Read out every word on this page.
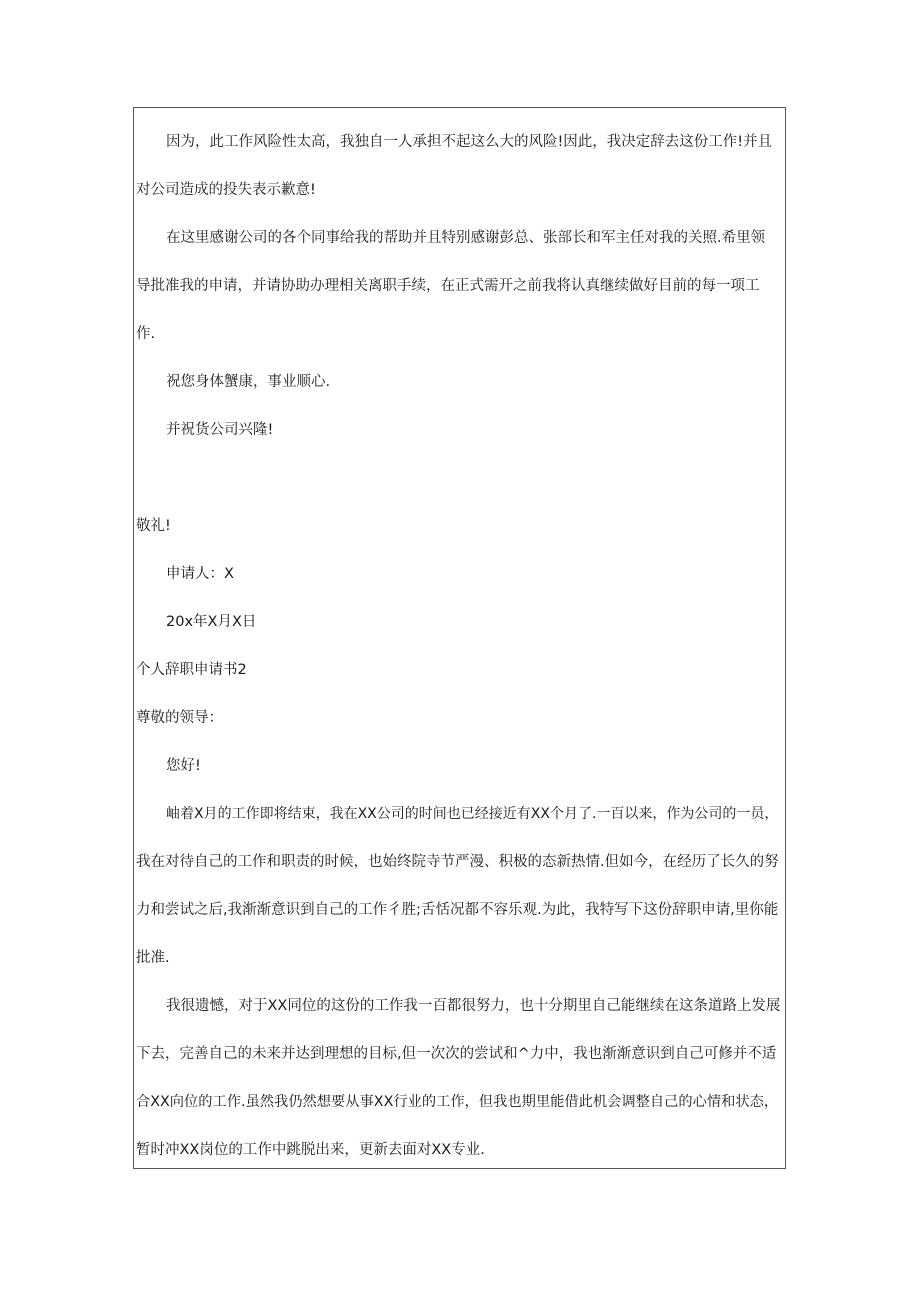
因为，此工作风险性太高，我独自一人承担不起这么大的风险!因此，我决定辞去这份工作!并且

对公司造成的投失表示歉意!

在这里感谢公司的各个同事给我的帮助并且特别感谢彭总、张部长和军主任对我的关照.希里领

导批准我的申请，并请协助办理相关离职手续，在正式需开之前我将认真继续做好目前的每一项工

作.

祝您身体蟹康，事业顺心.

并祝货公司兴隆!

敬礼!

申请人：X

20x年X月X日

个人辞职申请书2

尊敬的领导：

您好!

岫着X月的工作即将结束，我在XX公司的时间也已经接近有XX个月了.一百以来，作为公司的一员，

我在对待自己的工作和职责的时候，也始终院寺节严漫、积极的态新热情.但如今，在经历了长久的努

力和尝试之后,我渐渐意识到自己的工作彳胜;舌恬况都不容乐观.为此，我特写下这份辞职申请,里你能

批准.

我很遗憾，对于XX同位的这份的工作我一百都很努力，也十分期里自己能继续在这条道路上发展

下去，完善自己的未来并达到理想的目标,但一次次的尝试和^力中，我也渐渐意识到自己可修并不适

合XX向位的工作.虽然我仍然想要从事XX行业的工作，但我也期里能借此机会调整自己的心情和状态，

暂时冲XX岗位的工作中跳脱出来，更新去面对XX专业.
